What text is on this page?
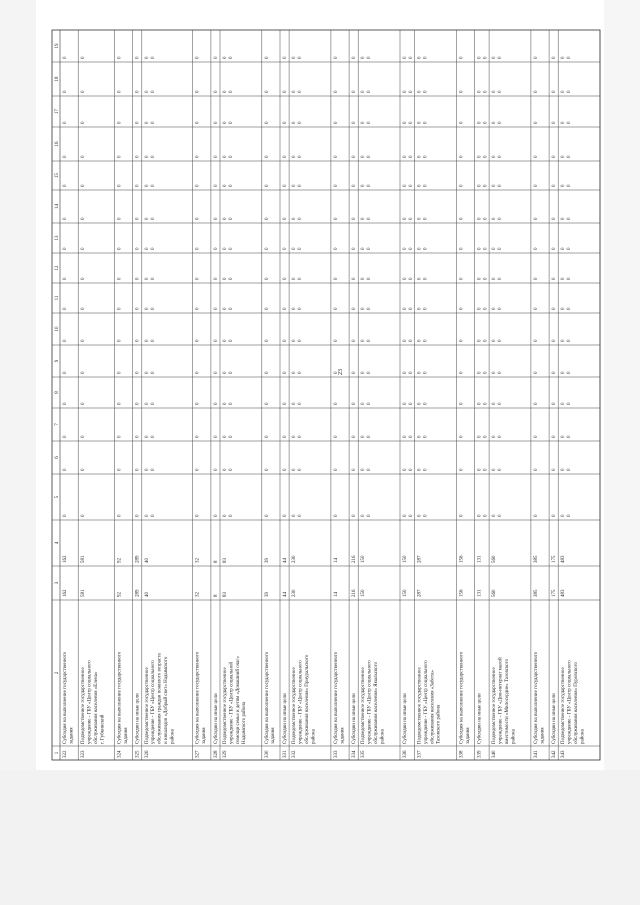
23
1
2
3
4
5
6
7
8
9
10
11
12
13
14
15
16
17
18
19
322
Субсидия на выполнение государственного задания
162
162
0
0
0
0
0
0
0
0
0
0
0
0
0
0
0
323
Подведомственное государственное учреждение - ГБУ «Центр социального обслуживания населения «Елена» г. Губкинский
581
581
0
0
0
0
0
0
0
0
0
0
0
0
0
0
0
324
Субсидия на выполнение государственного задания
92
92
0
0
0
0
0
0
0
0
0
0
0
0
0
0
0
325
Субсидии на иные цели
289
289
0
0
0
0
0
0
0
0
0
0
0
0
0
0
0
326
Подведомственное государственное учреждение - ГБУ «Центр социального обслуживания граждан пожилого возраста и инвалидов «Добрый свет» Надымского района
40
40
0 0
0 0
0 0
0 0
0 0
0 0
0 0
0 0
0 0
0 0
0 0
0 0
0 0
0 0
0 0
327
Субсидия на выполнение государственного задания
32
32
0
0
0
0
0
0
0
0
0
0
0
0
0
0
0
328
Субсидии на иные цели
8
8
0
0
0
0
0
0
0
0
0
0
0
0
0
0
0
329
Подведомственное государственное учреждение - ГБУ «Центр социальной помощи семье и детям «Домашний очаг» Надымского района
83
83
0 0
0 0
0 0
0 0
0 0
0 0
0 0
0 0
0 0
0 0
0 0
0 0
0 0
0 0
0 0
330
Субсидия на выполнение государственного задания
39
39
0
0
0
0
0
0
0
0
0
0
0
0
0
0
0
331
Субсидии на иные цели
44
44
0
0
0
0
0
0
0
0
0
0
0
0
0
0
0
332
Подведомственное государственное учреждение - ГБУ «Центр социального обслуживания населения» Приуральского района
230
230
0 0
0 0
0 0
0 0
0 0
0 0
0 0
0 0
0 0
0 0
0 0
0 0
0 0
0 0
0 0
333
Субсидия на выполнение государственного задания
14
14
0
0
0
0
0
0
0
0
0
0
0
0
0
0
0
334
Субсидии на иные цели
216
216
0
0
0
0
0
0
0
0
0
0
0
0
0
0
0
335
Подведомственное государственное учреждение - ГБУ «Центр социального обслуживания населения» Ямальского района
150
150
0 0
0 0
0 0
0 0
0 0
0 0
0 0
0 0
0 0
0 0
0 0
0 0
0 0
0 0
0 0
336
Субсидии на иные цели
150
150
0 0
0 0
0 0
0 0
0 0
0 0
0 0
0 0
0 0
0 0
0 0
0 0
0 0
0 0
0 0
337
Подведомственное государственное учреждение - ГБУ «Центр социального обслуживания населения «Забота» Тазовского района
287
287
0 0
0 0
0 0
0 0
0 0
0 0
0 0
0 0
0 0
0 0
0 0
0 0
0 0
0 0
0 0
338
Субсидия на выполнение государственного задания
156
156
0
0
0
0
0
0
0
0
0
0
0
0
0
0
0
339
Субсидии на иные цели
131
131
0 0
0 0
0 0
0 0
0 0
0 0
0 0
0 0
0 0
0 0
0 0
0 0
0 0
0 0
0 0
340
Подведомственное государственное учреждение - ГБУ «Дом-интернат малой вместимости «Милосердие» Тазовского района
560
560
0 0
0 0
0 0
0 0
0 0
0 0
0 0
0 0
0 0
0 0
0 0
0 0
0 0
0 0
0 0
341
Субсидия на выполнение государственного задания
385
385
0
0
0
0
0
0
0
0
0
0
0
0
0
0
0
342
Субсидии на иные цели
175
175
0
0
0
0
0
0
0
0
0
0
0
0
0
0
0
343
Подведомственное государственное учреждение - ГБУ «Центр социального обслуживания населения» Пуровского района
483
483
0 0
0 0
0 0
0 0
0 0
0 0
0 0
0 0
0 0
0 0
0 0
0 0
0 0
0 0
0 0
